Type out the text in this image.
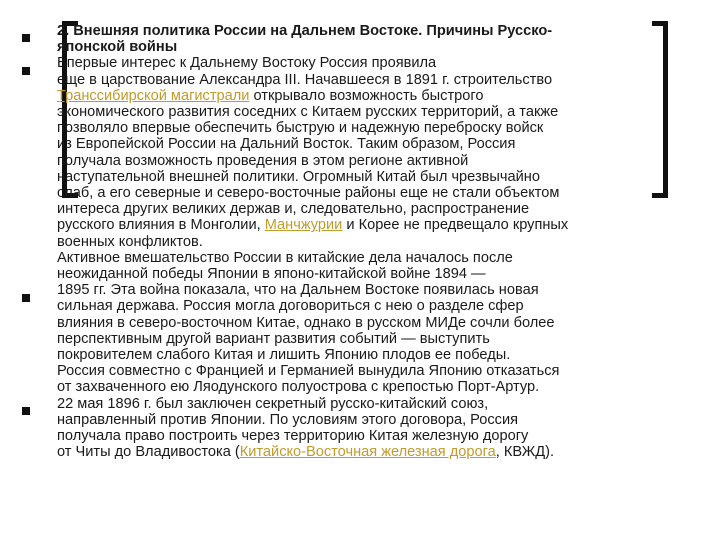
2. Внешняя политика России на Дальнем Востоке. Причины Русско-
японской войны
Впервые интерес к Дальнему Востоку Россия проявила
еще в царствование Александра III. Начавшееся в 1891 г. строительство
Транссибирской магистрали открывало возможность быстрого
экономического развития соседних с Китаем русских территорий, а также
позволяло впервые обеспечить быструю и надежную переброску войск
из Европейской России на Дальний Восток. Таким образом, Россия
получала возможность проведения в этом регионе активной
наступательной внешней политики. Огромный Китай был чрезвычайно
слаб, а его северные и северо-восточные районы еще не стали объектом
интереса других великих держав и, следовательно, распространение
русского влияния в Монголии, Манчжурии и Корее не предвещало крупных
военных конфликтов.
Активное вмешательство России в китайские дела началось после
неожиданной победы Японии в японо-китайской войне 1894 —
1895 гг. Эта война показала, что на Дальнем Востоке появилась новая
сильная держава. Россия могла договориться с нею о разделе сфер
влияния в северо-восточном Китае, однако в русском МИДе сочли более
перспективным другой вариант развития событий — выступить
покровителем слабого Китая и лишить Японию плодов ее победы.
Россия совместно с Францией и Германией вынудила Японию отказаться
от захваченного ею Ляодунского полуострова с крепостью Порт-Артур.
22 мая 1896 г. был заключен секретный русско-китайский союз,
направленный против Японии. По условиям этого договора, Россия
получала право построить через территорию Китая железную дорогу
от Читы до Владивостока (Китайско-Восточная железная дорога, КВЖД).
